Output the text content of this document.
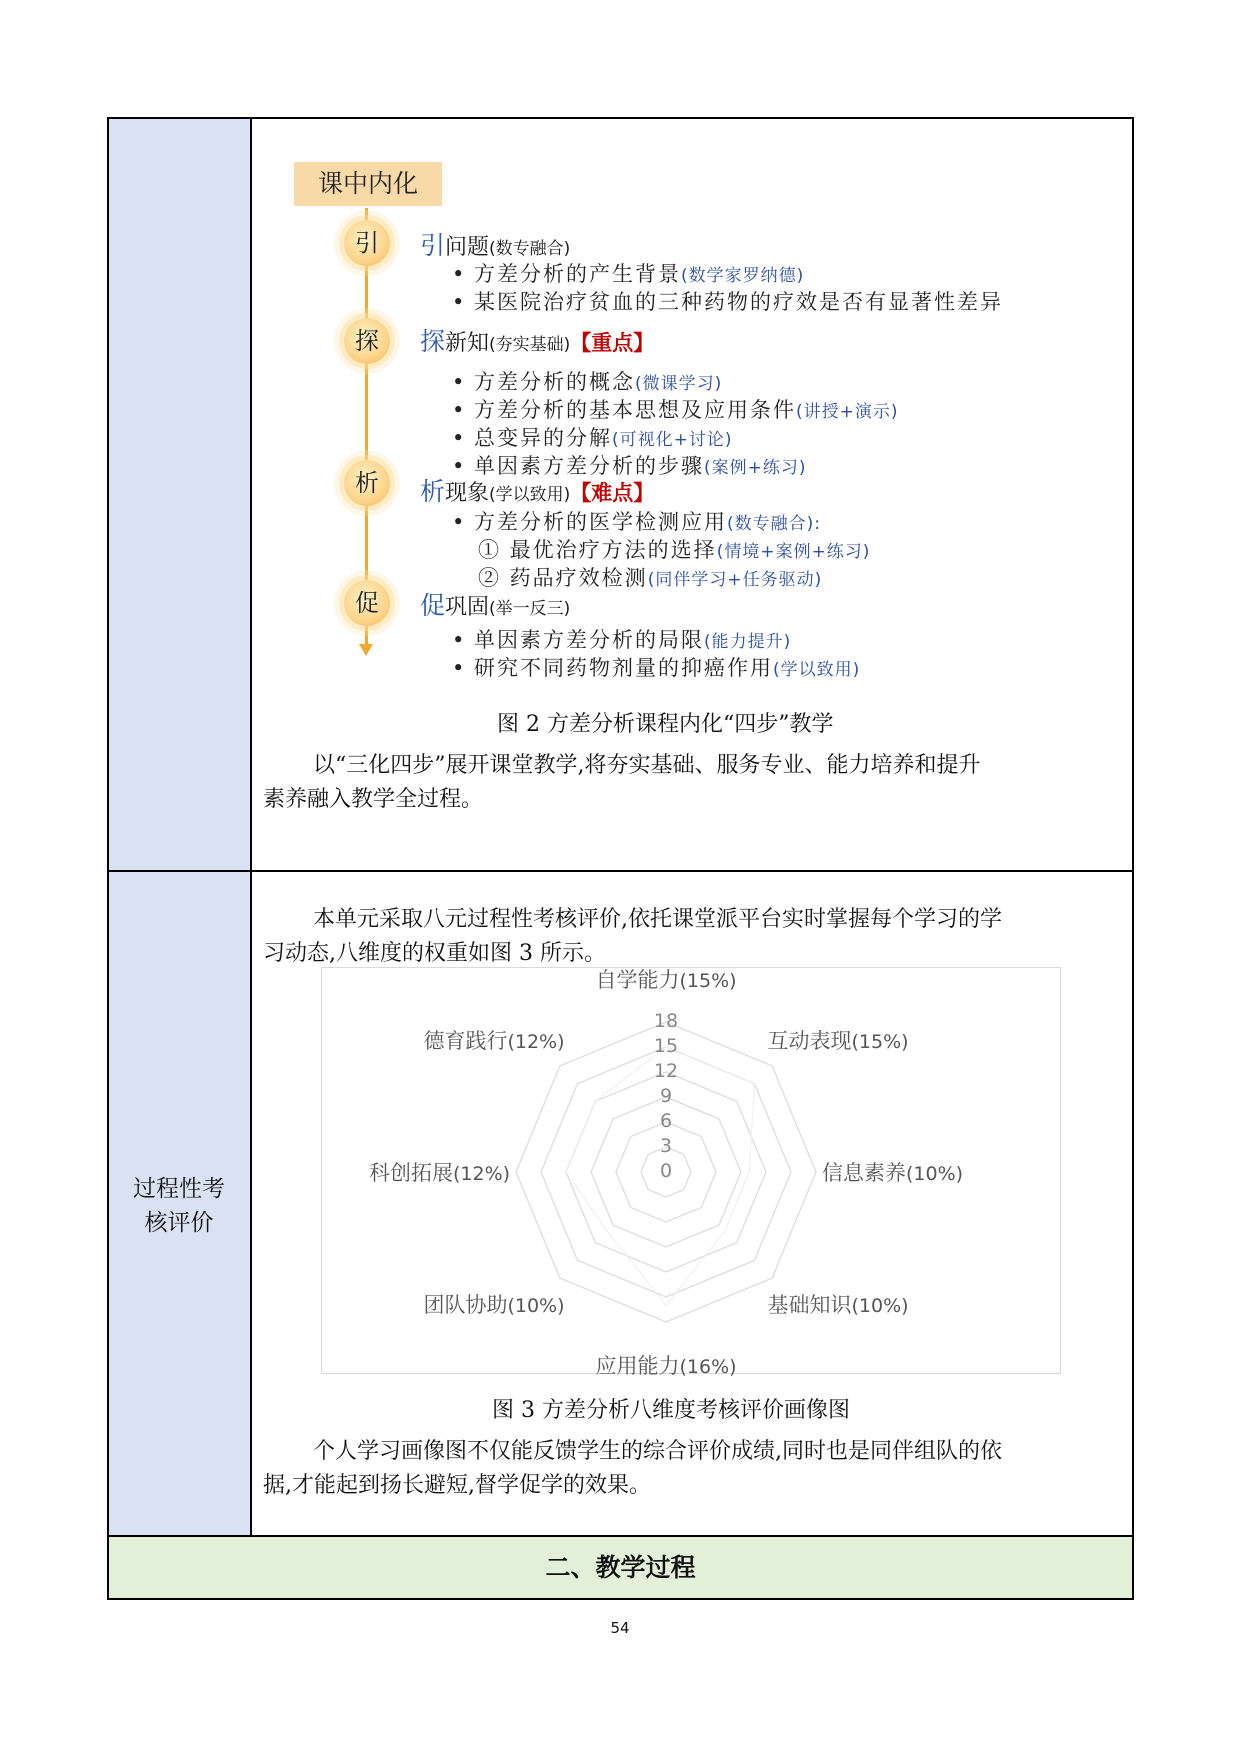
课中内化
引	引问题(数专融合)
• 方差分析的产生背景(数学家罗纳德)
• 某医院治疗贫血的三种药物的疗效是否有显著性差异
探	探新知(夯实基础)【重点】
• 方差分析的概念(微课学习)
• 方差分析的基本思想及应用条件(讲授+演示)
• 总变异的分解(可视化+讨论)
• 单因素方差分析的步骤(案例+练习)
析	析现象(学以致用)【难点】
• 方差分析的医学检测应用(数专融合):
① 最优治疗方法的选择(情境+案例+练习)
② 药品疗效检测(同伴学习+任务驱动)
促	促巩固(举一反三)
• 单因素方差分析的局限(能力提升)
• 研究不同药物剂量的抑癌作用(学以致用)
图 2 方差分析课程内化“四步”教学
以“三化四步”展开课堂教学,将夯实基础、服务专业、能力培养和提升
素养融入教学全过程。
过程性考
核评价
本单元采取八元过程性考核评价,依托课堂派平台实时掌握每个学习的学
习动态,八维度的权重如图 3 所示。
自学能力(15%)
互动表现(15%)
信息素养(10%)
基础知识(10%)
应用能力(16%)
团队协助(10%)
科创拓展(12%)
德育践行(12%)
0
3
6
9
12
15
18
图 3 方差分析八维度考核评价画像图
个人学习画像图不仅能反馈学生的综合评价成绩,同时也是同伴组队的依
据,才能起到扬长避短,督学促学的效果。
二、教学过程
54
